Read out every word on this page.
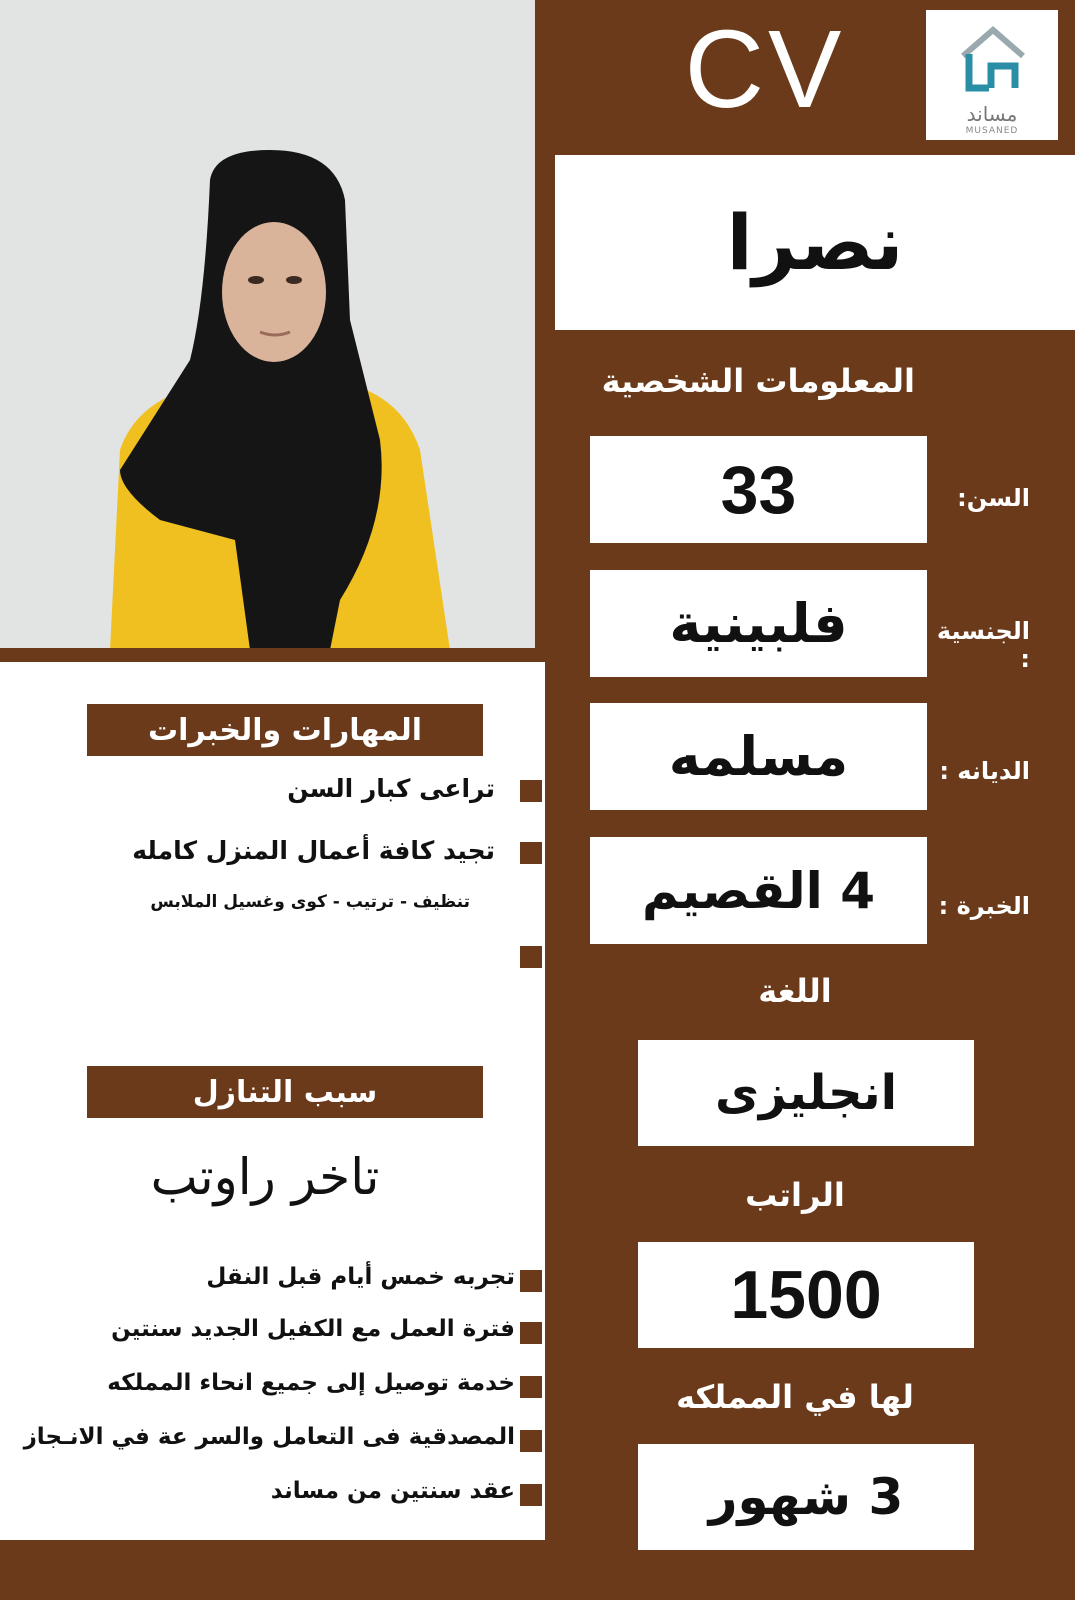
CV	مساند
MUSANED
نصرا
المعلومات الشخصية
33	السن:
فلبينية	الجنسية :
مسلمه	الديانه :
4 القصيم	الخبرة :
اللغة
انجليزى
الراتب
1500
لها في المملكه
3 شهور
المهارات والخبرات
تراعى كبار السن
تجيد كافة أعمال المنزل كامله
تنظيف - ترتيب - كوى وغسيل الملابس
سبب التنازل
تاخر راوتب
تجربه خمس أيام قبل النقل
فترة العمل مع الكفيل الجديد سنتين
خدمة توصيل إلى جميع انحاء المملكه
المصدقية فى التعامل والسر عة في الانـجاز
عقد سنتين من مساند
